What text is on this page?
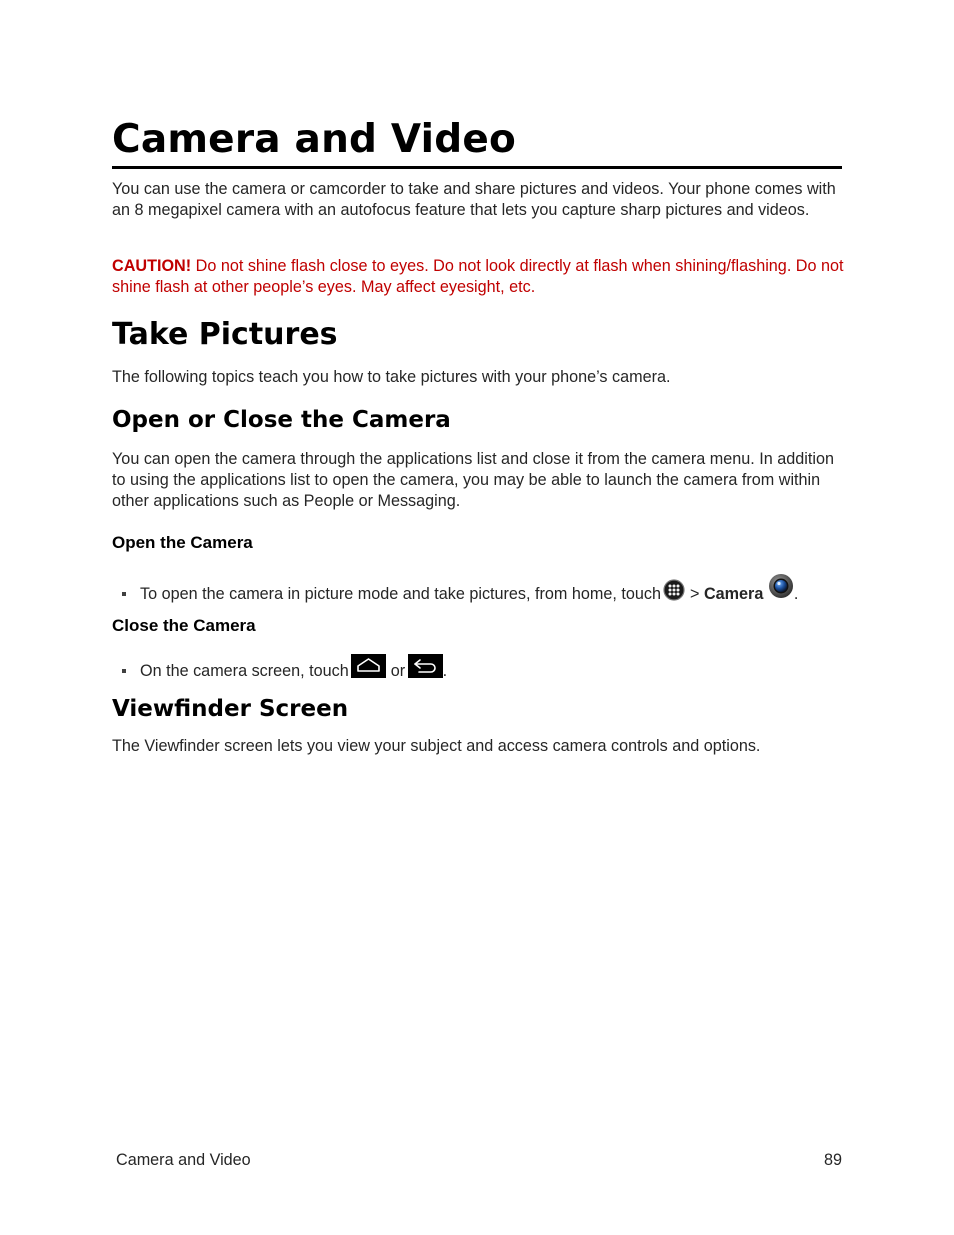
Camera and Video

You can use the camera or camcorder to take and share pictures and videos. Your phone comes with an 8 megapixel camera with an autofocus feature that lets you capture sharp pictures and videos.

CAUTION! Do not shine flash close to eyes. Do not look directly at flash when shining/flashing. Do not shine flash at other people’s eyes. May affect eyesight, etc.

Take Pictures

The following topics teach you how to take pictures with your phone’s camera.

Open or Close the Camera

You can open the camera through the applications list and close it from the camera menu. In addition to using the applications list to open the camera, you may be able to launch the camera from within other applications such as People or Messaging.

Open the Camera
To open the camera in picture mode and take pictures, from home, touch > Camera .
Close the Camera
On the camera screen, touch	or .
Viewfinder Screen

The Viewfinder screen lets you view your subject and access camera controls and options.

Camera and Video	89
